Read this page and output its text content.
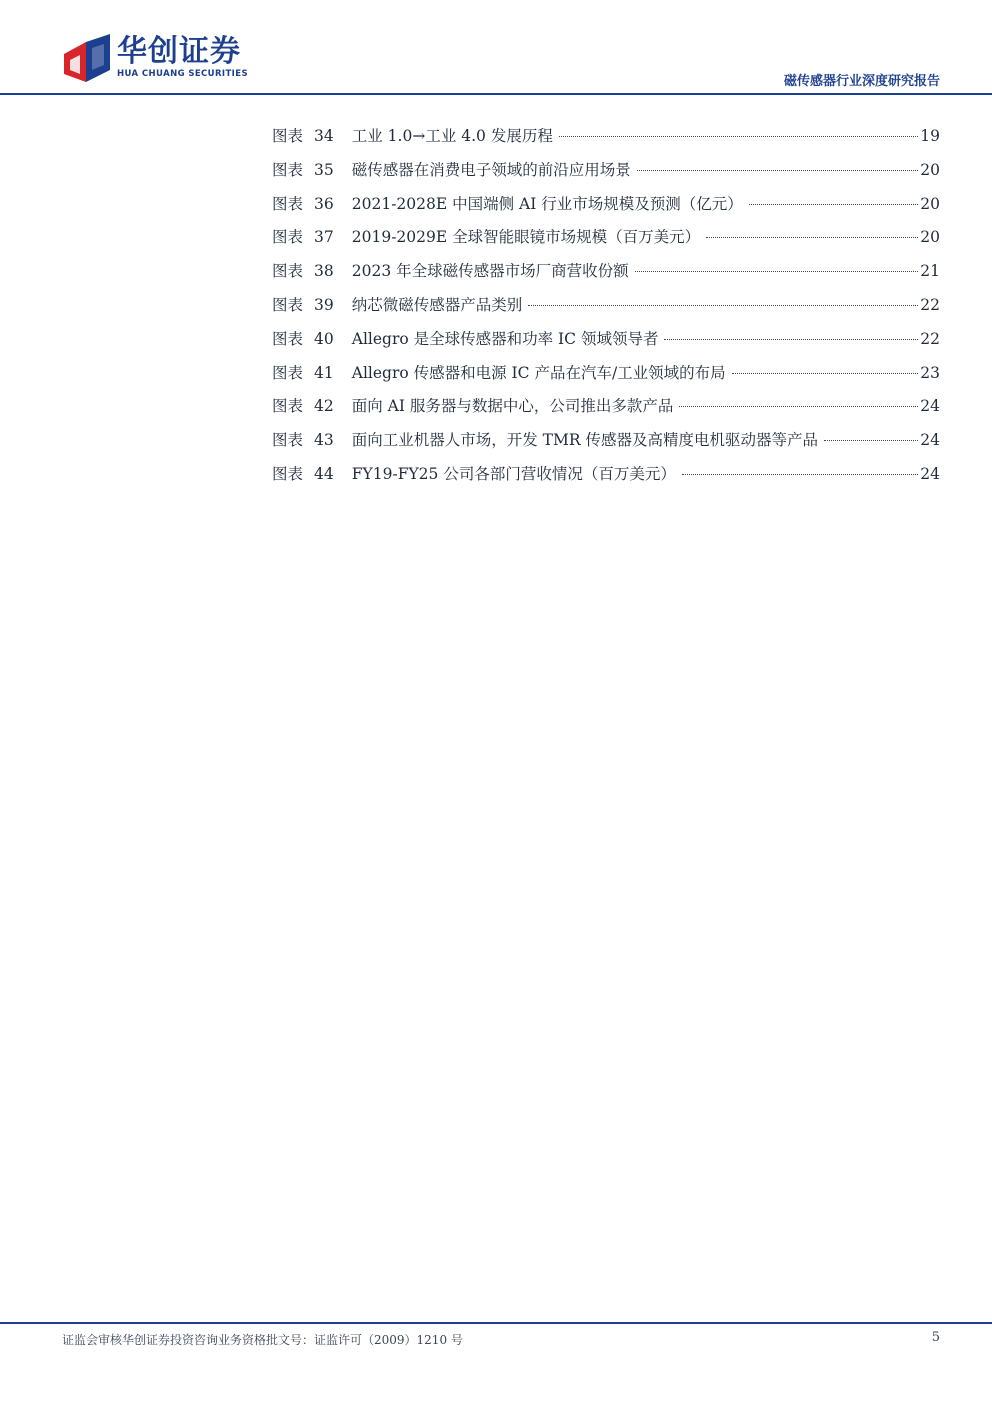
华创证券
HUA CHUANG SECURITIES	磁传感器行业深度研究报告
图表 34 工业 1.0→工业 4.0 发展历程	19
图表 35 磁传感器在消费电子领域的前沿应用场景	20
图表 36 2021-2028E 中国端侧 AI 行业市场规模及预测（亿元）	20
图表 37 2019-2029E 全球智能眼镜市场规模（百万美元）	20
图表 38 2023 年全球磁传感器市场厂商营收份额	21
图表 39 纳芯微磁传感器产品类别	22
图表 40 Allegro 是全球传感器和功率 IC 领域领导者	22
图表 41 Allegro 传感器和电源 IC 产品在汽车/工业领域的布局	23
图表 42 面向 AI 服务器与数据中心，公司推出多款产品	24
图表 43 面向工业机器人市场，开发 TMR 传感器及高精度电机驱动器等产品	24
图表 44 FY19-FY25 公司各部门营收情况（百万美元）	24
证监会审核华创证券投资咨询业务资格批文号：证监许可（2009）1210 号	5
